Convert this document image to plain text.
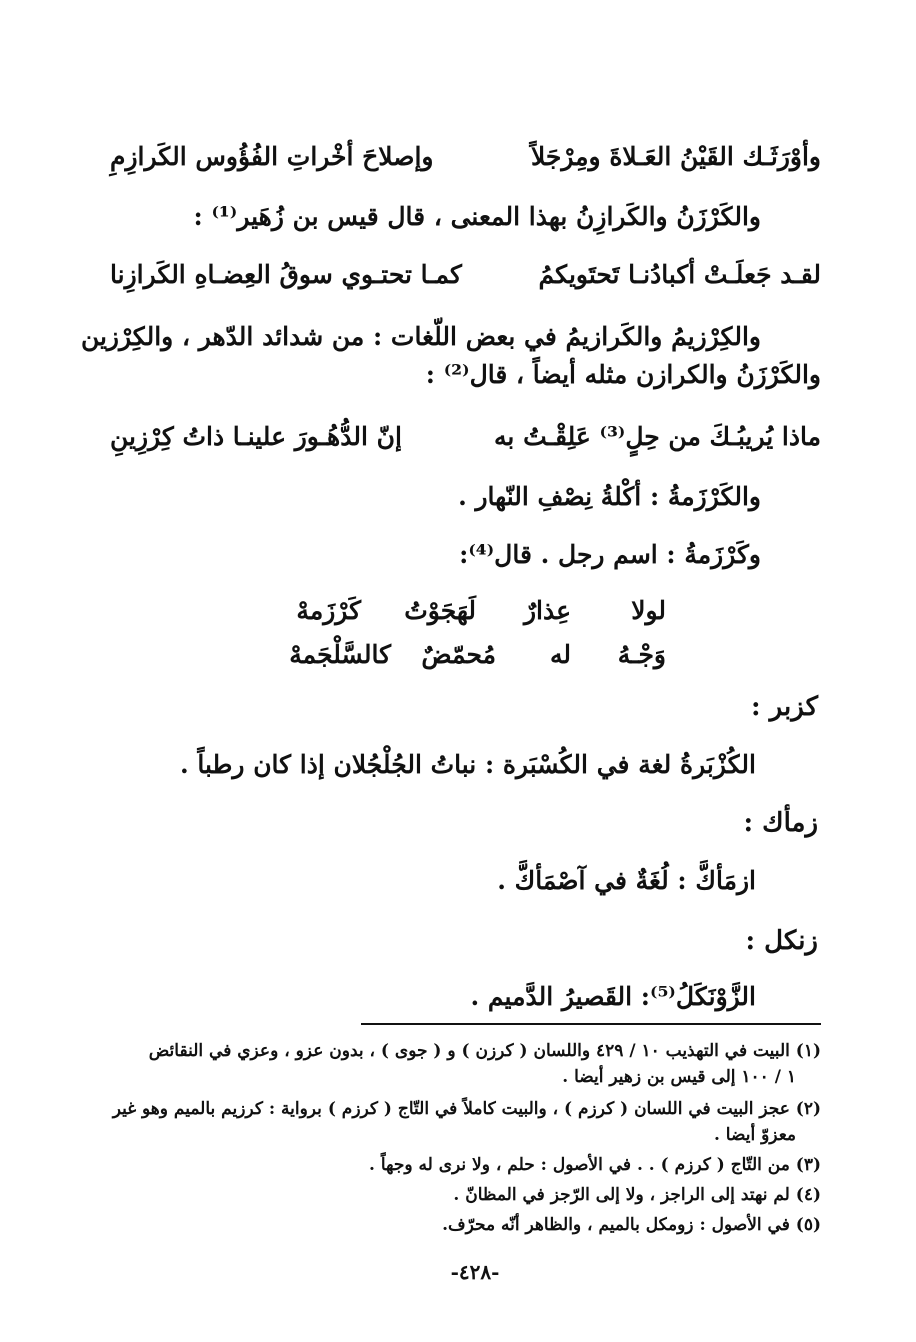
وأوْرَثَـك القَيْنُ العَـلاةَ ومِرْجَلاً
وإصلاحَ أخْراتِ الفُؤُوس الكَرازِمِ
والكَرْزَنُ والكَرازِنُ بهذا المعنى ، قال قيس بن زُهَير⁽¹⁾ :
لقـد جَعلَـتْ أكبادُنـا تَحتَويكمُ
كمـا تحتـوي سوقُ العِضـاهِ الكَرازِنا
والكِرْزيمُ والكَرازيمُ في بعض اللّغات : من شدائد الدّهر ، والكِرْزين
والكَرْزَنُ والكرازن مثله أيضاً ، قال⁽²⁾ :
ماذا يُريبُـكَ من حِلٍ⁽³⁾ عَلِقْـتُ به
إنّ الدُّهُـورَ علينـا ذاتُ كِرْزِينِ
والكَرْزَمةُ : أكْلةُ نِصْفِ النّهار .
وكَرْزَمةُ : اسم رجل . قال⁽⁴⁾:
لولا
عِذارٌ
لَهَجَوْتُ
كَرْزَمهْ
وَجْـهُ
له
مُحمّضٌ
كالسَّلْجَمهْ
كزبر :
الكُزْبَرةُ لغة في الكُسْبَرة : نباتُ الجُلْجُلان إذا كان رطباً .
زمأك :
ازمَأكَّ : لُغَةٌ في آصْمَأكَّ .
زنكل :
الزَّوْنَكَلُ⁽⁵⁾: القَصيرُ الدَّميم .
(١) البيت في التهذيب ١٠ / ٤٢٩ واللسان ( كرزن ) و ( جوى ) ، بدون عزو ، وعزي في النقائض
١ / ١٠٠ إلى قيس بن زهير أيضا .
(٢) عجز البيت في اللسان ( كرزم ) ، والبيت كاملاً في التّاج ( كرزم ) برواية : كرزيم بالميم وهو غير
معزوّ أيضا .
(٣) من التّاج ( كرزم ) . . في الأصول : حلم ، ولا نرى له وجهاً .
(٤) لم نهتد إلى الراجز ، ولا إلى الرّجز في المظانّ .
(٥) في الأصول : زومكل بالميم ، والظاهر أنّه محرّف.
-٤٢٨-
